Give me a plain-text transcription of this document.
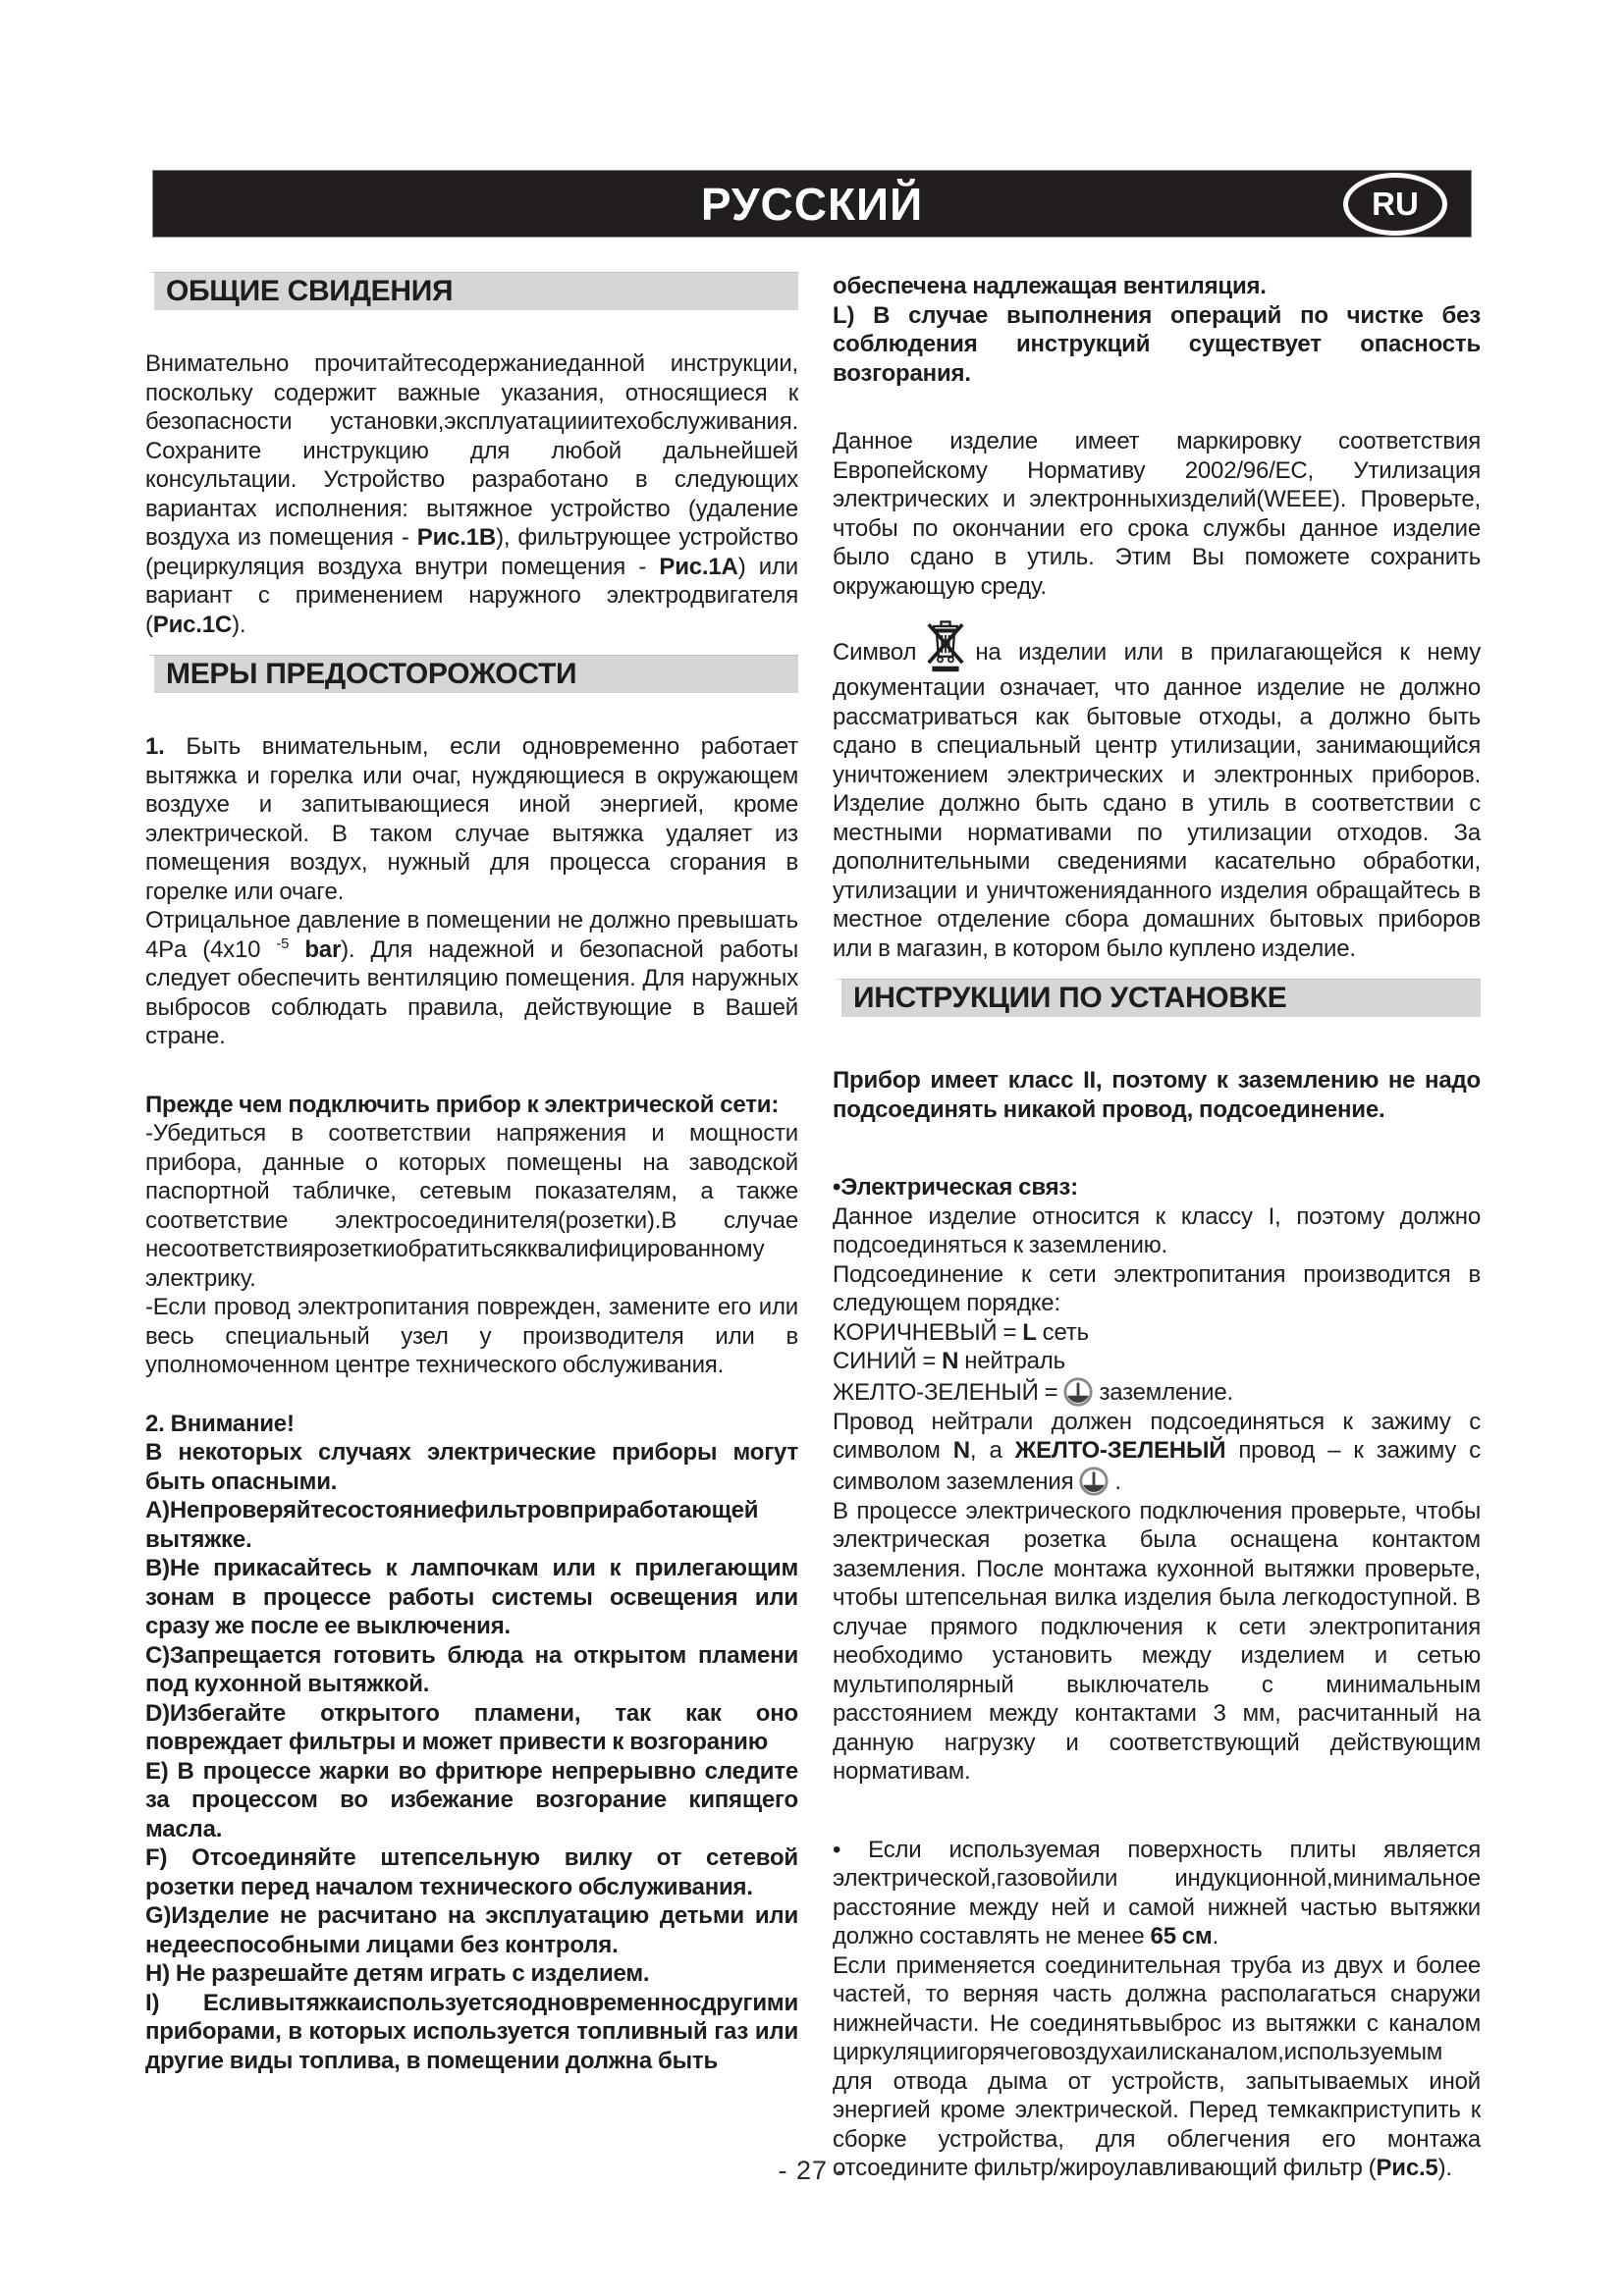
РУССКИЙ	RU
ОБЩИЕ СВИДЕНИЯ

Внимательно прочитайтесодержаниеданной инструкции, поскольку содержит важные указания, относящиеся к безопасности установки,эксплуатацииитехобслуживания. Сохраните инструкцию для любой дальнейшей консультации. Устройство разработано в следующих вариантах исполнения: вытяжное устройство (удаление воздуха из помещения - Рис.1В), фильтрующее устройство (рециркуляция воздуха внутри помещения - Рис.1А) или вариант с применением наружного электродвигателя (Рис.1С).

МЕРЫ ПРЕДОСТОРОЖОСТИ

1. Быть внимательным, если одновременно работает вытяжка и горелка или очаг, нуждяющиеся в окружающем воздухе и запитывающиеся иной энергией, кроме электрической. В таком случае вытяжка удаляет из помещения воздух, нужный для процесса сгорания в горелке или очаге.
Отрицальное давление в помещении не должно превышать 4Pa (4x10 $^{-5}$ bar). Для надежной и безопасной работы следует обеспечить вентиляцию помещения. Для наружных выбросов соблюдать правила, действующие в Вашей стране.

Прежде чем подключить прибор к электрической сети:
-Убедиться в соответствии напряжения и мощности прибора, данные о которых помещены на заводской паспортной табличке, сетевым показателям, а также соответствие электросоединителя(розетки).В случае несоответствиярозеткиобратитьсякквалифицированному электрику.
-Если провод электропитания поврежден, замените его или весь специальный узел у производителя или в уполномоченном центре технического обслуживания.

2. Внимание!
В некоторых случаях электрические приборы могут быть опасными.
А)Непроверяйтесостояниефильтровприработающей вытяжке.
В)Не прикасайтесь к лампочкам или к прилегающим зонам в процессе работы системы освещения или сразу же после ее выключения.
С)Запрещается готовить блюда на открытом пламени под кухонной вытяжкой.
D)Избегайте открытого пламени, так как оно повреждает фильтры и может привести к возгоранию
Е) В процессе жарки во фритюре непрерывно следите за процессом во избежание возгорание кипящего масла.
F) Отсоединяйте штепсельную вилку от сетевой розетки перед началом технического обслуживания.
G)Изделие не расчитано на эксплуатацию детьми или недееспособными лицами без контроля.
H) Не разрешайте детям играть с изделием.
I) Есливытяжкаиспользуетсяодновременносдругими приборами, в которых используется топливный газ или другие виды топлива, в помещении должна быть

обеспечена надлежащая вентиляция.
L) В случае выполнения операций по чистке без соблюдения инструкций существует опасность возгорания.

Данное изделие имеет маркировку соответствия Европейскому Нормативу 2002/96/ЕС, Утилизация электрических и электронныхизделий(WEEE). Проверьте, чтобы по окончании его срока службы данное изделие было сдано в утиль. Этим Вы поможете сохранить окружающую среду.

Символ	на изделии или в прилагающейся к нему документации означает, что данное изделие не должно рассматриваться как бытовые отходы, а должно быть сдано в специальный центр утилизации, занимающийся уничтожением электрических и электронных приборов. Изделие должно быть сдано в утиль в соответствии с местными нормативами по утилизации отходов. За дополнительными сведениями касательно обработки, утилизации и уничтоженияданного изделия обращайтесь в местное отделение сбора домашних бытовых приборов или в магазин, в котором было куплено изделие.

ИНСТРУКЦИИ ПО УСТАНОВКЕ

Прибор имеет класс II, поэтому к заземлению не надо подсоединять никакой провод, подсоединение.

•Электрическая связ:
Данное изделие относится к классу I, поэтому должно подсоединяться к заземлению.
Подсоединение к сети электропитания производится в следующем порядке:
КОРИЧНЕВЫЙ = L сеть
СИНИЙ = N нейтраль
ЖЕЛТО-ЗЕЛЕНЫЙ = заземление.
Провод нейтрали должен подсоединяться к зажиму с символом N, а ЖЕЛТО-ЗЕЛЕНЫЙ провод – к зажиму с символом заземления .
В процессе электрического подключения проверьте, чтобы электрическая розетка была оснащена контактом заземления. После монтажа кухонной вытяжки проверьте, чтобы штепсельная вилка изделия была легкодоступной. В случае прямого подключения к сети электропитания необходимо установить между изделием и сетью мультиполярный выключатель с минимальным расстоянием между контактами 3 мм, расчитанный на данную нагрузку и соответствующий действующим нормативам.

• Если используемая поверхность плиты является электрической,газовойили индукционной,минимальное расстояние между ней и самой нижней частью вытяжки должно составлять не менее 65 см.
Если применяется соединительная труба из двух и более частей, то верняя часть должна располагаться снаружи нижнейчасти. Не соединятьвыброс из вытяжки с каналом циркуляциигорячеговоздухаилисканалом,используемым для отвода дыма от устройств, запытываемых иной энергией кроме электрической. Перед темкакприступить к сборке устройства, для облегчения его монтажа отсоедините фильтр/жироулавливающий фильтр (Рис.5).

- 27 -
